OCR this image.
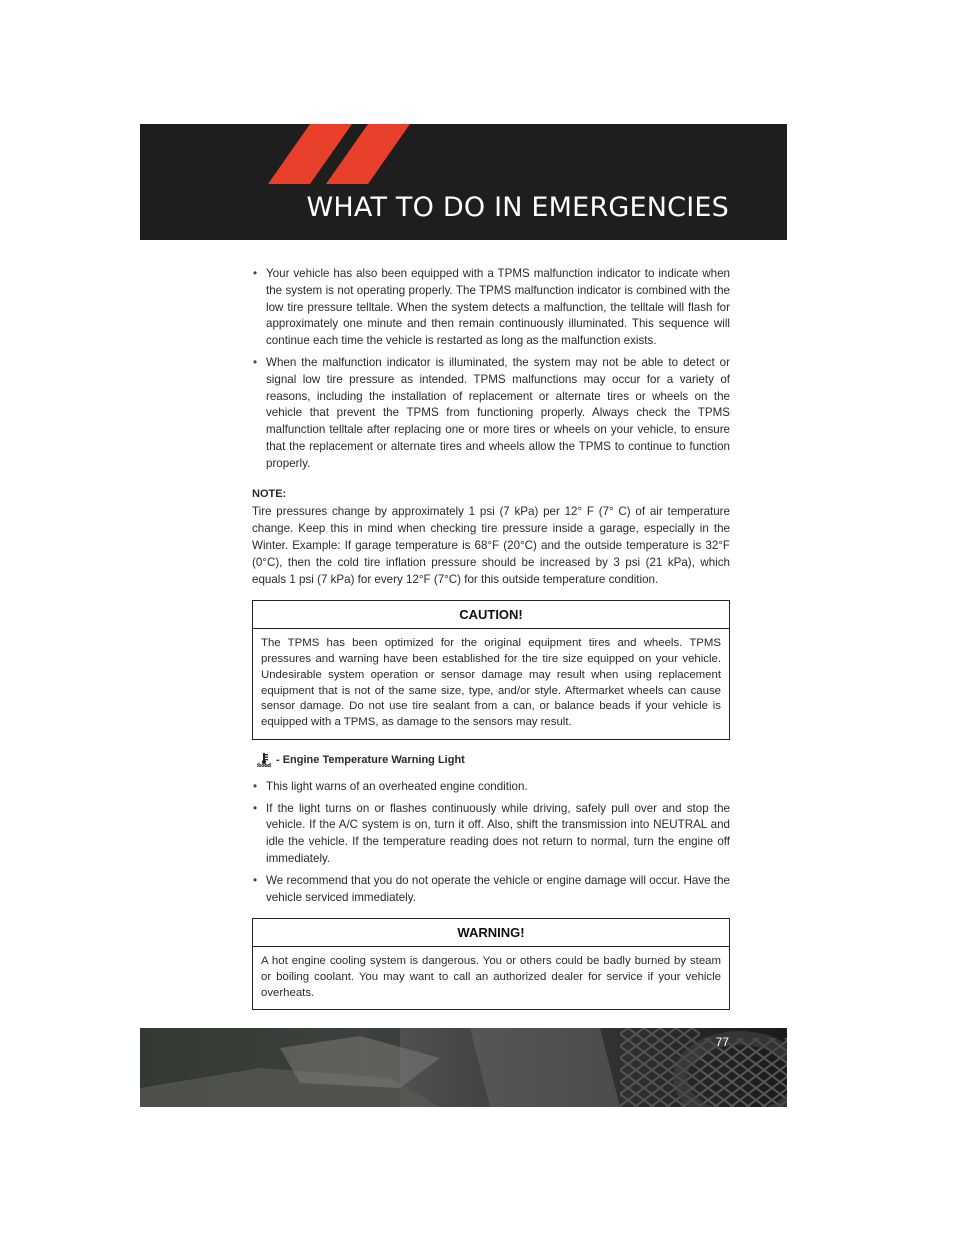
WHAT TO DO IN EMERGENCIES
• Your vehicle has also been equipped with a TPMS malfunction indicator to indicate when the system is not operating properly. The TPMS malfunction indicator is combined with the low tire pressure telltale. When the system detects a malfunction, the telltale will flash for approximately one minute and then remain continuously illuminated. This sequence will continue each time the vehicle is restarted as long as the malfunction exists.
• When the malfunction indicator is illuminated, the system may not be able to detect or signal low tire pressure as intended. TPMS malfunctions may occur for a variety of reasons, including the installation of replacement or alternate tires or wheels on the vehicle that prevent the TPMS from functioning properly. Always check the TPMS malfunction telltale after replacing one or more tires or wheels on your vehicle, to ensure that the replacement or alternate tires and wheels allow the TPMS to continue to function properly.
NOTE:
Tire pressures change by approximately 1 psi (7 kPa) per 12° F (7° C) of air temperature change. Keep this in mind when checking tire pressure inside a garage, especially in the Winter. Example: If garage temperature is 68°F (20°C) and the outside temperature is 32°F (0°C), then the cold tire inflation pressure should be increased by 3 psi (21 kPa), which equals 1 psi (7 kPa) for every 12°F (7°C) for this outside temperature condition.
CAUTION!
The TPMS has been optimized for the original equipment tires and wheels. TPMS pressures and warning have been established for the tire size equipped on your vehicle. Undesirable system operation or sensor damage may result when using replacement equipment that is not of the same size, type, and/or style. Aftermarket wheels can cause sensor damage. Do not use tire sealant from a can, or balance beads if your vehicle is equipped with a TPMS, as damage to the sensors may result.
- Engine Temperature Warning Light
• This light warns of an overheated engine condition.
• If the light turns on or flashes continuously while driving, safely pull over and stop the vehicle. If the A/C system is on, turn it off. Also, shift the transmission into NEUTRAL and idle the vehicle. If the temperature reading does not return to normal, turn the engine off immediately.
• We recommend that you do not operate the vehicle or engine damage will occur. Have the vehicle serviced immediately.
WARNING!
A hot engine cooling system is dangerous. You or others could be badly burned by steam or boiling coolant. You may want to call an authorized dealer for service if your vehicle overheats.

77
